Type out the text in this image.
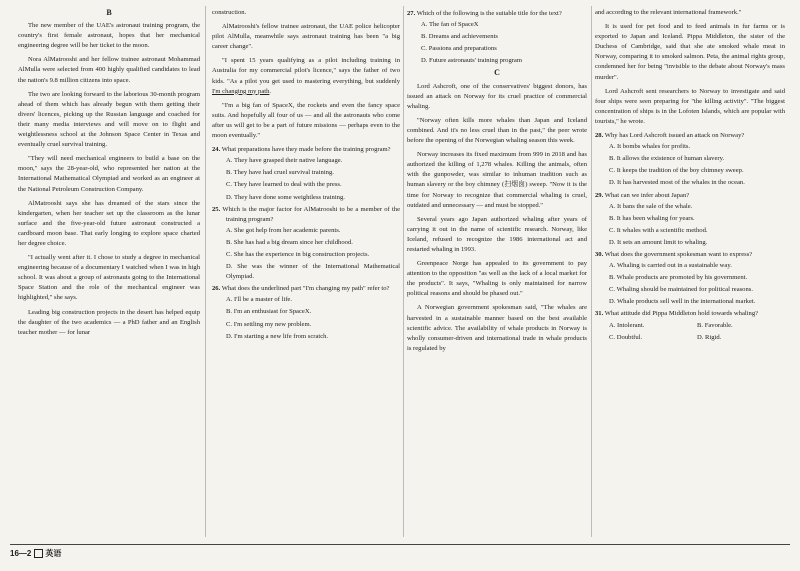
B

The new member of the UAE's astronaut training program, the country's first female astronaut, hopes that her mechanical engineering degree will be her ticket to the moon.

Nora AlMatrooshi and her fellow trainee astronaut Mohammad AlMulla were selected from 400 highly qualified candidates to lead the nation's 9.8 million citizens into space.

The two are looking forward to the laborious 30-month program ahead of them which has already begun with them getting their divers' licences, picking up the Russian language and coached for their many media interviews and will move on to flight and weightlessness school at the Johnson Space Center in Texas and eventually cruel survival training.

"They will need mechanical engineers to build a base on the moon," says the 28-year-old, who represented her nation at the International Mathematical Olympiad and worked as an engineer at the National Petroleum Construction Company.

AlMatrooshi says she has dreamed of the stars since the kindergarten, when her teacher set up the classroom as the lunar surface and the five-year-old future astronaut constructed a cardboard moon base. That early longing to explore space charted her degree choice.

"I actually went after it. I chose to study a degree in mechanical engineering because of a documentary I watched when I was in high school. It was about a group of astronauts going to the International Space Station and the role of the mechanical engineer was highlighted," she says.

Leading big construction projects in the desert has helped equip the daughter of the two academics — a PhD father and an English teacher mother — for lunar

construction.

AlMatrooshi's fellow trainee astronaut, the UAE police helicopter pilot AlMulla, meanwhile says astronaut training has been "a big career change".

"I spent 15 years qualifying as a pilot including training in Australia for my commercial pilot's licence," says the father of two kids. "As a pilot you get used to mastering everything, but suddenly I'm changing my path.

"I'm a big fan of SpaceX, the rockets and even the fancy space suits. And hopefully all four of us — and all the astronauts who come after us will get to be a part of future missions — perhaps even to the moon eventually."

24. What preparations have they made before the training program?
A. They have grasped their native language.
B. They have had cruel survival training.
C. They have learned to deal with the press.
D. They have done some weightless training.
25. Which is the major factor for AlMatrooshi to be a member of the training program?
A. She got help from her academic parents.
B. She has had a big dream since her childhood.
C. She has the experience in big construction projects.
D. She was the winner of the International Mathematical Olympiad.
26. What does the underlined part "I'm changing my path" refer to?
A. I'll be a master of life.
B. I'm an enthusiast for SpaceX.
C. I'm settling my new problem.
D. I'm starting a new life from scratch.
27. Which of the following is the suitable title for the text?
A. The fan of SpaceX
B. Dreams and achievements
C. Passions and preparations
D. Future astronauts' training program
C

Lord Ashcroft, one of the conservatives' biggest donors, has issued an attack on Norway for its cruel practice of commercial whaling.

"Norway often kills more whales than Japan and Iceland combined. And it's no less cruel than in the past," the peer wrote before the opening of the Norwegian whaling season this week.

Norway increases its fixed maximum from 999 in 2018 and has authorized the killing of 1,278 whales. Killing the animals, often with the gunpowder, was similar to inhuman tradition such as human slavery or the boy chimney (扫烟囱) sweep. "Now it is the time for Norway to recognize that commercial whaling is cruel, outdated and unnecessary — and must be stopped."

Several years ago Japan authorized whaling after years of carrying it out in the name of scientific research. Norway, like Iceland, refused to recognize the 1986 international act and restarted whaling in 1993.

Greenpeace Norge has appealed to its government to pay attention to the opposition "as well as the lack of a local market for the products". It says, "Whaling is only maintained for narrow political reasons and should be phased out."

A Norwegian government spokesman said, "The whales are harvested in a sustainable manner based on the best available scientific advice. The availability of whale products in Norway is wholly consumer-driven and international trade in whale products is regulated by

and according to the relevant international framework."

It is used for pet food and to feed animals in fur farms or is exported to Japan and Iceland. Pippa Middleton, the sister of the Duchess of Cambridge, said that she ate smoked whale meat in Norway, comparing it to smoked salmon. Peta, the animal rights group, condemned her for being "invisible to the debate about Norway's mass murder".

Lord Ashcroft sent researchers to Norway to investigate and said four ships were seen preparing for "the killing activity". "The biggest concentration of ships is in the Lofoten Islands, which are popular with tourists," he wrote.

28. Why has Lord Ashcroft issued an attack on Norway?
A. It bombs whales for profits.
B. It allows the existence of human slavery.
C. It keeps the tradition of the boy chimney sweep.
D. It has harvested most of the whales in the ocean.
29. What can we infer about Japan?
A. It bans the sale of the whale.
B. It has been whaling for years.
C. It whales with a scientific method.
D. It sets an amount limit to whaling.
30. What does the government spokesman want to express?
A. Whaling is carried out in a sustainable way.
B. Whale products are promoted by his government.
C. Whaling should be maintained for political reasons.
D. Whale products sell well in the international market.
31. What attitude did Pippa Middleton hold towards whaling?
A. Intolerant.	B. Favorable.
C. Doubtful.	D. Rigid.
16—2 英语
